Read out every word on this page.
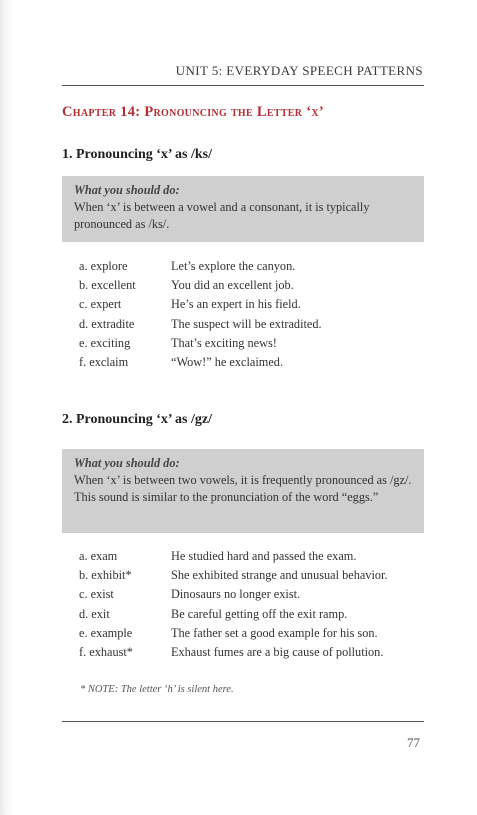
UNIT 5: EVERYDAY SPEECH PATTERNS
Chapter 14: Pronouncing the Letter ‘x’
1. Pronouncing ‘x’ as /ks/
What you should do:
When ‘x’ is between a vowel and a consonant, it is typically pronounced as /ks/.
a. explore	Let’s explore the canyon.
b. excellent	You did an excellent job.
c. expert	He’s an expert in his field.
d. extradite	The suspect will be extradited.
e. exciting	That’s exciting news!
f. exclaim	“Wow!” he exclaimed.
2. Pronouncing ‘x’ as /gz/
What you should do:
When ‘x’ is between two vowels, it is frequently pronounced as /gz/. This sound is similar to the pronunciation of the word “eggs.”
a. exam	He studied hard and passed the exam.
b. exhibit*	She exhibited strange and unusual behavior.
c. exist	Dinosaurs no longer exist.
d. exit	Be careful getting off the exit ramp.
e. example	The father set a good example for his son.
f. exhaust*	Exhaust fumes are a big cause of pollution.
* NOTE: The letter ‘h’ is silent here.
77
